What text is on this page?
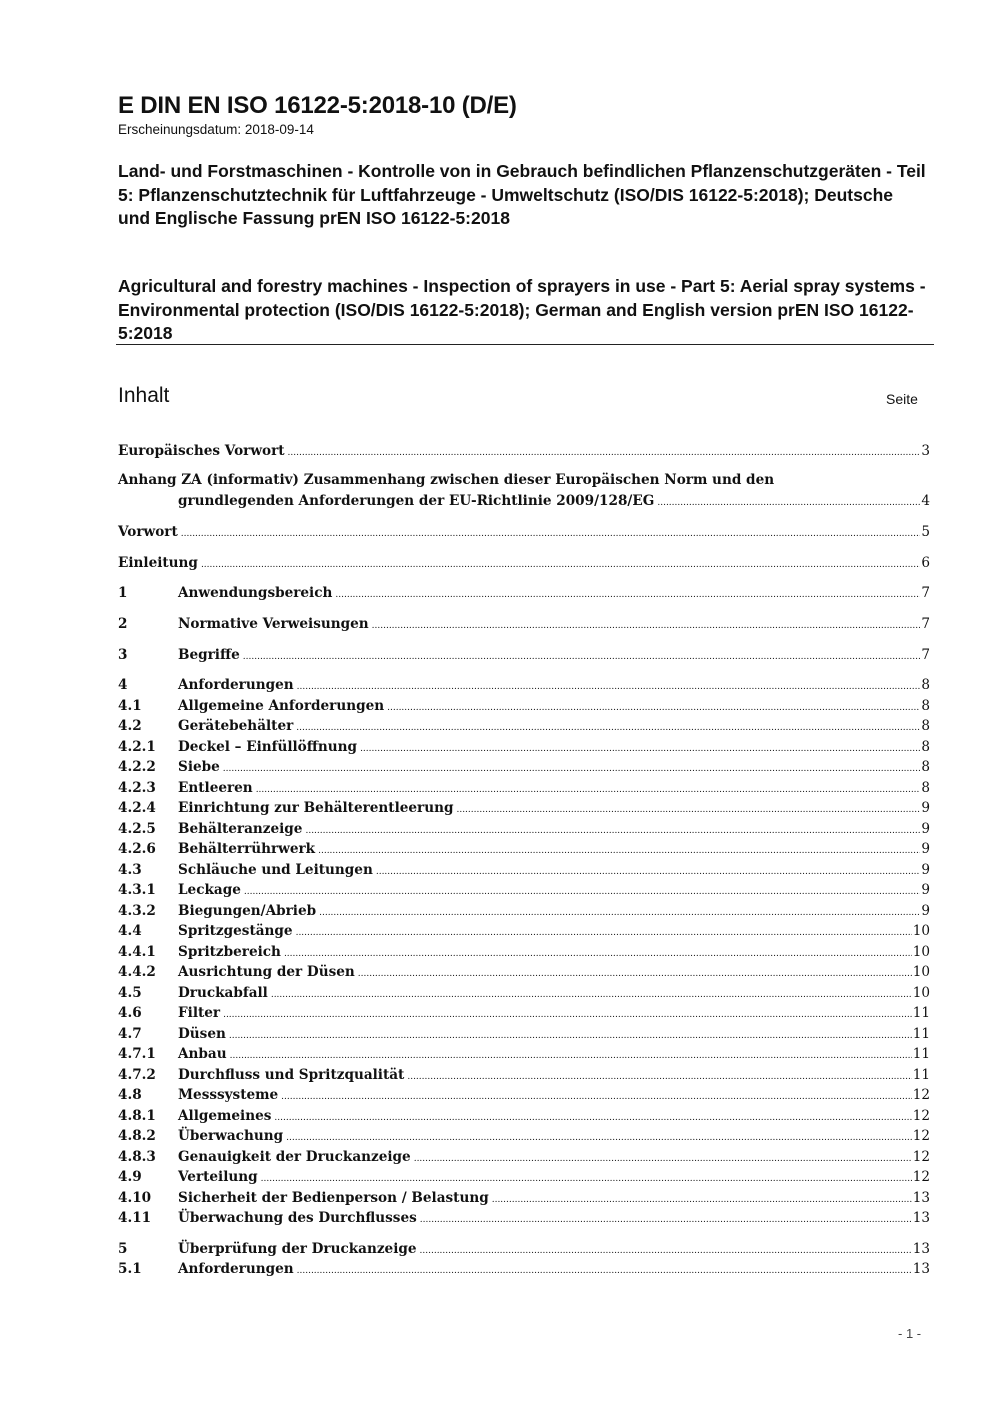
E DIN EN ISO 16122-5:2018-10 (D/E)
Erscheinungsdatum: 2018-09-14
Land- und Forstmaschinen - Kontrolle von in Gebrauch befindlichen Pflanzenschutzgeräten - Teil 5: Pflanzenschutztechnik für Luftfahrzeuge - Umweltschutz (ISO/DIS 16122-5:2018); Deutsche und Englische Fassung prEN ISO 16122-5:2018
Agricultural and forestry machines - Inspection of sprayers in use - Part 5: Aerial spray systems - Environmental protection (ISO/DIS 16122-5:2018); German and English version prEN ISO 16122-5:2018
Inhalt	Seite
Europäisches Vorwort .....	3
Vorwort .....	5
Einleitung .....	6
1	Anwendungsbereich .....	7
2	Normative Verweisungen .....	7
3	Begriffe .....	7
4	Anforderungen .....	8
4.1	Allgemeine Anforderungen .....	8
4.2	Gerätebehälter .....	8
4.2.1	Deckel – Einfüllöffnung .....	8
4.2.2	Siebe .....	8
4.2.3	Entleeren .....	8
4.2.4	Einrichtung zur Behälterentleerung .....	9
4.2.5	Behälteranzeige .....	9
4.2.6	Behälterrührwerk .....	9
4.3	Schläuche und Leitungen .....	9
4.3.1	Leckage .....	9
4.3.2	Biegungen/Abrieb .....	9
4.4	Spritzgestänge .....	10
4.4.1	Spritzbereich .....	10
4.4.2	Ausrichtung der Düsen .....	10
4.5	Druckabfall .....	10
4.6	Filter .....	11
4.7	Düsen .....	11
4.7.1	Anbau .....	11
4.7.2	Durchfluss und Spritzqualität .....	11
4.8	Messsysteme .....	12
4.8.1	Allgemeines .....	12
4.8.2	Überwachung .....	12
4.8.3	Genauigkeit der Druckanzeige .....	12
4.9	Verteilung .....	12
4.10	Sicherheit der Bedienperson / Belastung .....	13
4.11	Überwachung des Durchflusses .....	13
5	Überprüfung der Druckanzeige .....	13
5.1	Anforderungen .....	13
Anhang ZA (informativ) Zusammenhang zwischen dieser Europäischen Norm und den
grundlegenden Anforderungen der EU-Richtlinie 2009/128/EG .....	4
- 1 -
